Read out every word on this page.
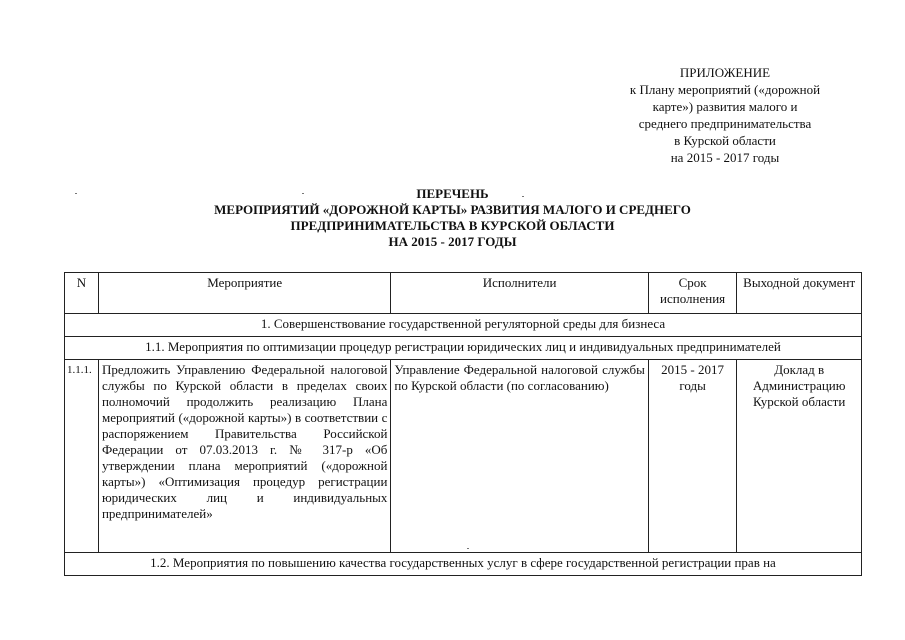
ПРИЛОЖЕНИЕ
к Плану мероприятий («дорожной
карте») развития малого и
среднего предпринимательства
в Курской области
на 2015 - 2017 годы
ПЕРЕЧЕНЬ
МЕРОПРИЯТИЙ «ДОРОЖНОЙ КАРТЫ» РАЗВИТИЯ МАЛОГО И СРЕДНЕГО
ПРЕДПРИНИМАТЕЛЬСТВА В КУРСКОЙ ОБЛАСТИ
НА 2015 - 2017 ГОДЫ
N	Мероприятие	Исполнители	Срок исполнения	Выходной документ
1. Совершенствование государственной регуляторной среды для бизнеса				
1.1. Мероприятия по оптимизации процедур регистрации юридических лиц и индивидуальных предпринимателей				
1.1.1.	Предложить Управлению Федеральной налоговой службы по Курской области в пределах своих полномочий продолжить реализацию Плана мероприятий («дорожной карты») в соответствии с распоряжением Правительства Российской Федерации от 07.03.2013 г. № 317-р «Об утверждении плана мероприятий («дорожной карты») «Оптимизация процедур регистрации юридических лиц и индивидуальных предпринимателей»	Управление Федеральной налоговой службы по Курской области (по согласованию)	2015 - 2017 годы	Доклад в Администрацию Курской области
1.2. Мероприятия по повышению качества государственных услуг в сфере государственной регистрации прав на				
